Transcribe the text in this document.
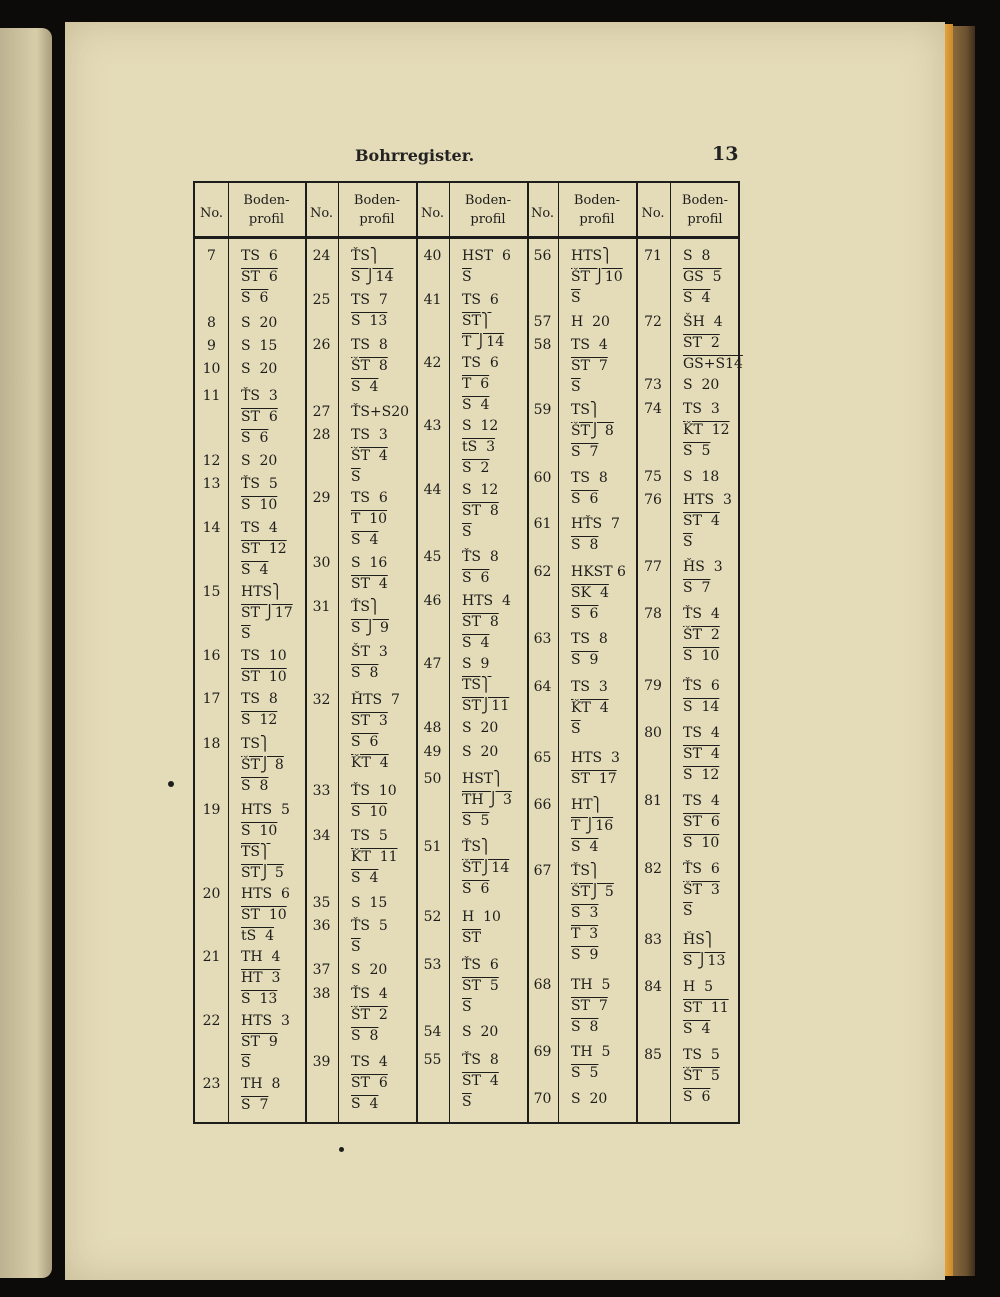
Bohrregister.	13
No.
Boden-
profil	No.
Boden-
profil	No.
Boden-
profil	No.
Boden-
profil	No.
Boden-
profil
7	TS  6
ST  6
S  6
8	S  20
9	S  15
10	S  20
11	ŤS  3
ST  6
S  6
12	S  20
13	ŤS  5
S  10
14	TS  4
ST  12
S  4
15	HTS⎫
ST ⎭17
$\overline{S}$
16	TS  10
ST  10
17	TS  8
S  12
18	TS⎫
ŠT⎭ 8
S  8
19	HTS  5
S  10
TS⎫
ST⎭ 5
20	HTS  6
ST  10
tS  4
21	TH  4
HT  3
S  13
22	HTS  3
ST  9
$\overline{S}$
23	TH  8
S  7
24	ŤS⎫
S ⎭14
25	TS  7
S  13
26	TS  8
ŠT  8
S  4
27	ŤS+S20
28	TS  3
ŠT  4
$\overline{S}$
29	TS  6
T  10
S  4
30	S  16
ST  4
31	ŤS⎫
S ⎭ 9
ŠT  3
S  8
32	ȞTS  7
ST  3
S  6
ǨT  4
33	ŤS  10
S  10
34	TS  5
ǨT  11
S  4
35	S  15
36	ŤS  5
$\overline{S}$
37	S  20
38	ŤS  4
ŠT  2
S  8
39	TS  4
ST  6
S  4
40	HST  6
$\overline{S}$
41	TS  6
ST⎫
T ⎭14
42	TS  6
T  6
S  4
43	S  12
tS  3
S  2
44	S  12
ST  8
$\overline{S}$
45	ŤS  8
S  6
46	HTS  4
ST  8
S  4
47	S  9
TS⎫
ST⎭11
48	S  20
49	S  20
50	HST⎫
TH ⎭ 3
S  5
51	ŤS⎫
ŠT⎭14
S  6
52	H  10
$\overline{ST}$
53	ŤS  6
ST  5
$\overline{S}$
54	S  20
55	ŤS  8
ST  4
$\overline{S}$
56	HTS⎫
ŠT ⎭10
$\overline{S}$
57	H  20
58	TS  4
ST  7
$\overline{S}$
59	TS⎫
ŠT⎭ 8
S  7
60	TS  8
S  6
61	HŤS  7
S  8
62	HKST 6
SK  4
S  6
63	TS  8
S  9
64	TS  3
ǨT  4
$\overline{S}$
65	HTS  3
ST  17
66	HT⎫
T ⎭16
S  4
67	ŤS⎫
ŠT⎭ 5
S  3
T  3
S  9
68	TH  5
ST  7
S  8
69	TH  5
S  5
70	S  20
71	S  8
GS  5
S  4
72	ŠH  4
ST  2
GS+S14
73	S  20
74	TS  3
ǨT  12
S  5
75	S  18
76	HTS  3
ST  4
$\overline{S}$
77	ȞS  3
S  7
78	ŤS  4
ŠT  2
S  10
79	ŤS  6
S  14
80	TS  4
ST  4
S  12
81	TS  4
ST  6
S  10
82	ŤS  6
ŠT  3
$\overline{S}$
83	ȞS⎫
S ⎭13
84	H  5
ST  11
S  4
85	TS  5
ŠT  5
S  6
